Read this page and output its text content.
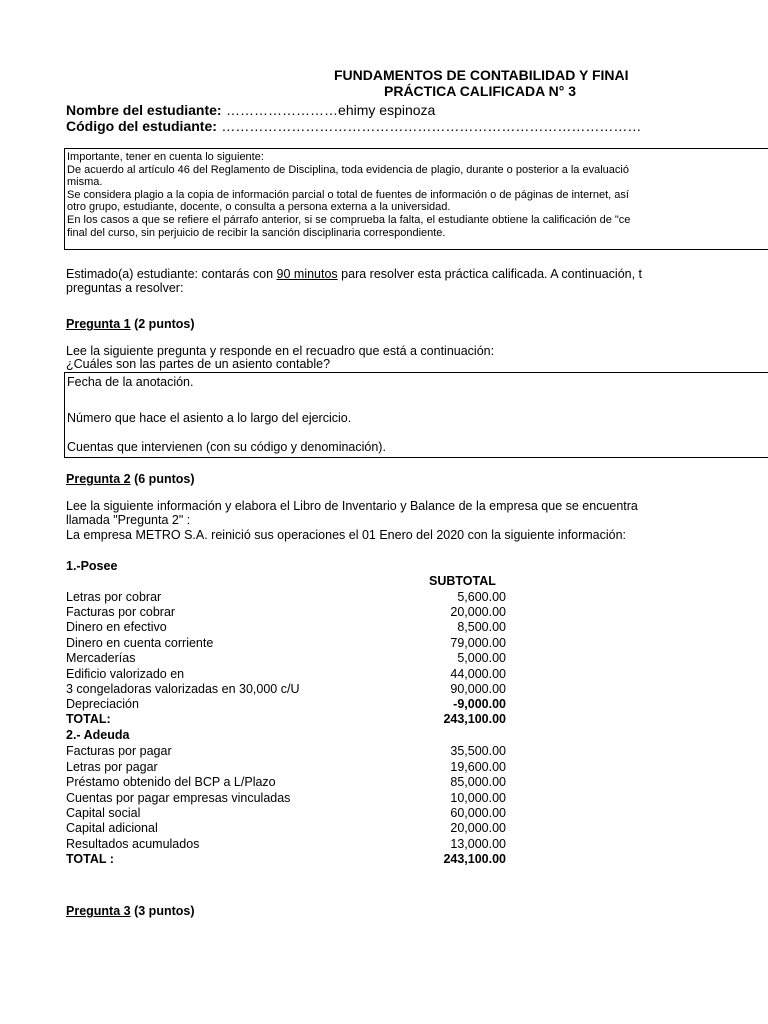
FUNDAMENTOS DE CONTABILIDAD Y FINAI
PRÁCTICA CALIFICADA N° 3
Nombre del estudiante: ……………………ehimy espinoza
Código del estudiante: ………………………………………………………………………………
Importante, tener en cuenta lo siguiente:
De acuerdo al artículo 46 del Reglamento de Disciplina, toda evidencia de plagio, durante o posterior a la evaluació
misma.
Se considera plagio a la copia de información parcial o total de fuentes de información o de páginas de internet, así
otro grupo, estudiante, docente, o consulta a persona externa a la universidad.
En los casos a que se refiere el párrafo anterior, si se comprueba la falta, el estudiante obtiene la calificación de "ce
final del curso, sin perjuicio de recibir la sanción disciplinaria correspondiente.
Estimado(a) estudiante: contarás con 90 minutos para resolver esta práctica calificada. A continuación, t
preguntas a resolver:
Pregunta 1 (2 puntos)
Lee la siguiente pregunta y responde en el recuadro que está a continuación:
¿Cuáles son las partes de un asiento contable?
Fecha de la anotación.
Número que hace el asiento a lo largo del ejercicio.
Cuentas que intervienen (con su código y denominación).
Pregunta 2 (6 puntos)
Lee la siguiente información y elabora el Libro de Inventario y Balance de la empresa que se encuentra
llamada "Pregunta 2" :
La empresa METRO S.A. reinició sus operaciones el 01 Enero del 2020 con la siguiente información:
1.-Posee
SUBTOTAL
Letras por cobrar	5,600.00
Facturas por cobrar	20,000.00
Dinero en efectivo	8,500.00
Dinero en cuenta corriente	79,000.00
Mercaderías	5,000.00
Edificio valorizado en	44,000.00
3 congeladoras valorizadas en 30,000 c/U	90,000.00
Depreciación	-9,000.00
TOTAL:	243,100.00
2.- Adeuda
Facturas por pagar	35,500.00
Letras por pagar	19,600.00
Préstamo obtenido del BCP a L/Plazo	85,000.00
Cuentas por pagar empresas vinculadas	10,000.00
Capital social	60,000.00
Capital adicional	20,000.00
Resultados acumulados	13,000.00
TOTAL :	243,100.00
Pregunta 3 (3 puntos)
